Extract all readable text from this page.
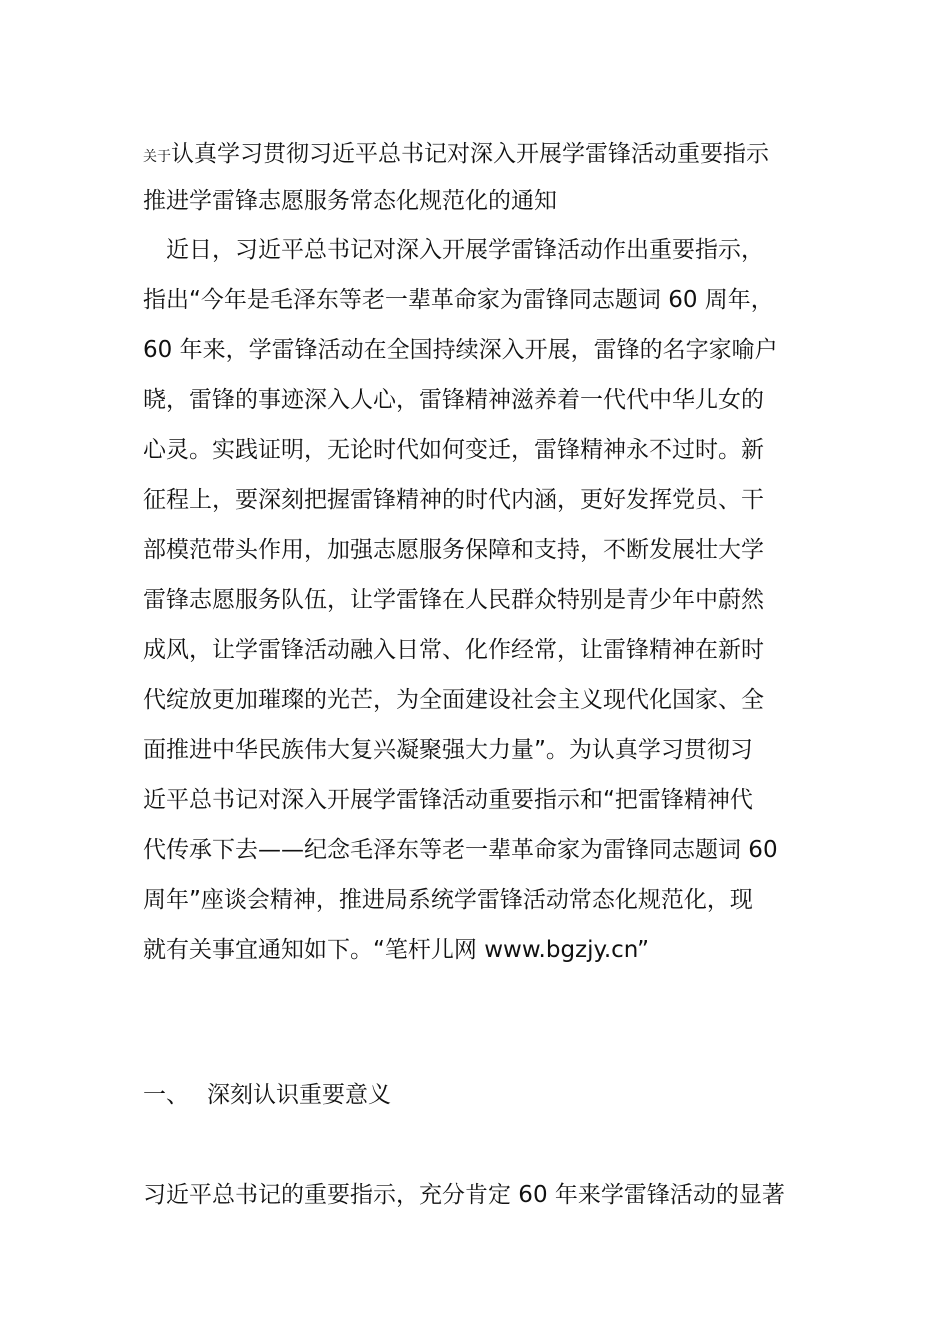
关于认真学习贯彻习近平总书记对深入开展学雷锋活动重要指示
推进学雷锋志愿服务常态化规范化的通知
　近日，习近平总书记对深入开展学雷锋活动作出重要指示，
指出“今年是毛泽东等老一辈革命家为雷锋同志题词 60 周年，
60 年来，学雷锋活动在全国持续深入开展，雷锋的名字家喻户
晓，雷锋的事迹深入人心，雷锋精神滋养着一代代中华儿女的
心灵。实践证明，无论时代如何变迁，雷锋精神永不过时。新
征程上，要深刻把握雷锋精神的时代内涵，更好发挥党员、干
部模范带头作用，加强志愿服务保障和支持，不断发展壮大学
雷锋志愿服务队伍，让学雷锋在人民群众特别是青少年中蔚然
成风，让学雷锋活动融入日常、化作经常，让雷锋精神在新时
代绽放更加璀璨的光芒，为全面建设社会主义现代化国家、全
面推进中华民族伟大复兴凝聚强大力量”。为认真学习贯彻习
近平总书记对深入开展学雷锋活动重要指示和“把雷锋精神代
代传承下去——纪念毛泽东等老一辈革命家为雷锋同志题词 60
周年”座谈会精神，推进局系统学雷锋活动常态化规范化，现
就有关事宜通知如下。“笔杆儿网 www.bgzjy.cn”
一、 深刻认识重要意义
习近平总书记的重要指示，充分肯定 60 年来学雷锋活动的显著
